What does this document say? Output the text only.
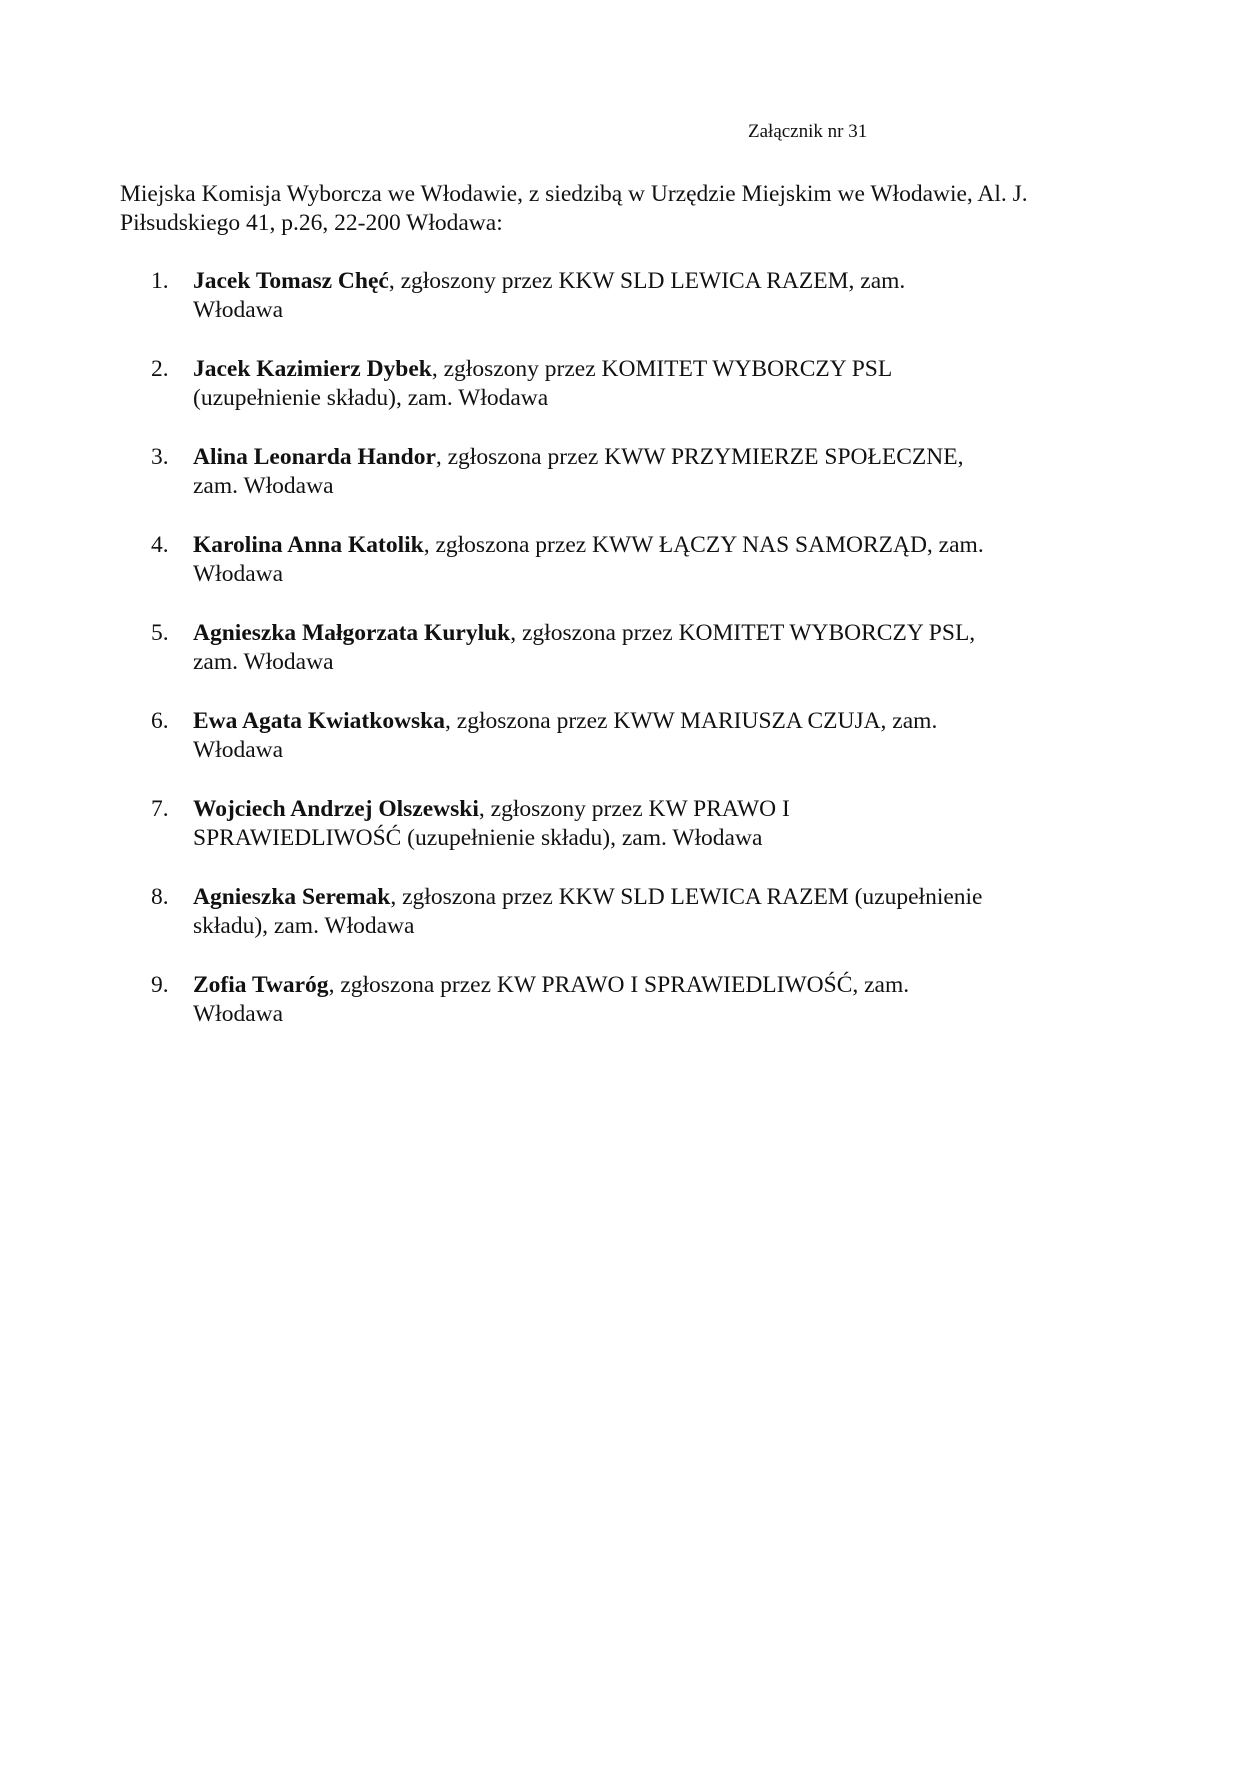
Załącznik nr 31
Miejska Komisja Wyborcza we Włodawie, z siedzibą w Urzędzie Miejskim we Włodawie, Al. J.
Piłsudskiego 41, p.26, 22-200 Włodawa:
1. Jacek Tomasz Chęć, zgłoszony przez KKW SLD LEWICA RAZEM, zam.
Włodawa
2. Jacek Kazimierz Dybek, zgłoszony przez KOMITET WYBORCZY PSL
(uzupełnienie składu), zam. Włodawa
3. Alina Leonarda Handor, zgłoszona przez KWW PRZYMIERZE SPOŁECZNE,
zam. Włodawa
4. Karolina Anna Katolik, zgłoszona przez KWW ŁĄCZY NAS SAMORZĄD, zam.
Włodawa
5. Agnieszka Małgorzata Kuryluk, zgłoszona przez KOMITET WYBORCZY PSL,
zam. Włodawa
6. Ewa Agata Kwiatkowska, zgłoszona przez KWW MARIUSZA CZUJA, zam.
Włodawa
7. Wojciech Andrzej Olszewski, zgłoszony przez KW PRAWO I
SPRAWIEDLIWOŚĆ (uzupełnienie składu), zam. Włodawa
8. Agnieszka Seremak, zgłoszona przez KKW SLD LEWICA RAZEM (uzupełnienie
składu), zam. Włodawa
9. Zofia Twaróg, zgłoszona przez KW PRAWO I SPRAWIEDLIWOŚĆ, zam.
Włodawa
